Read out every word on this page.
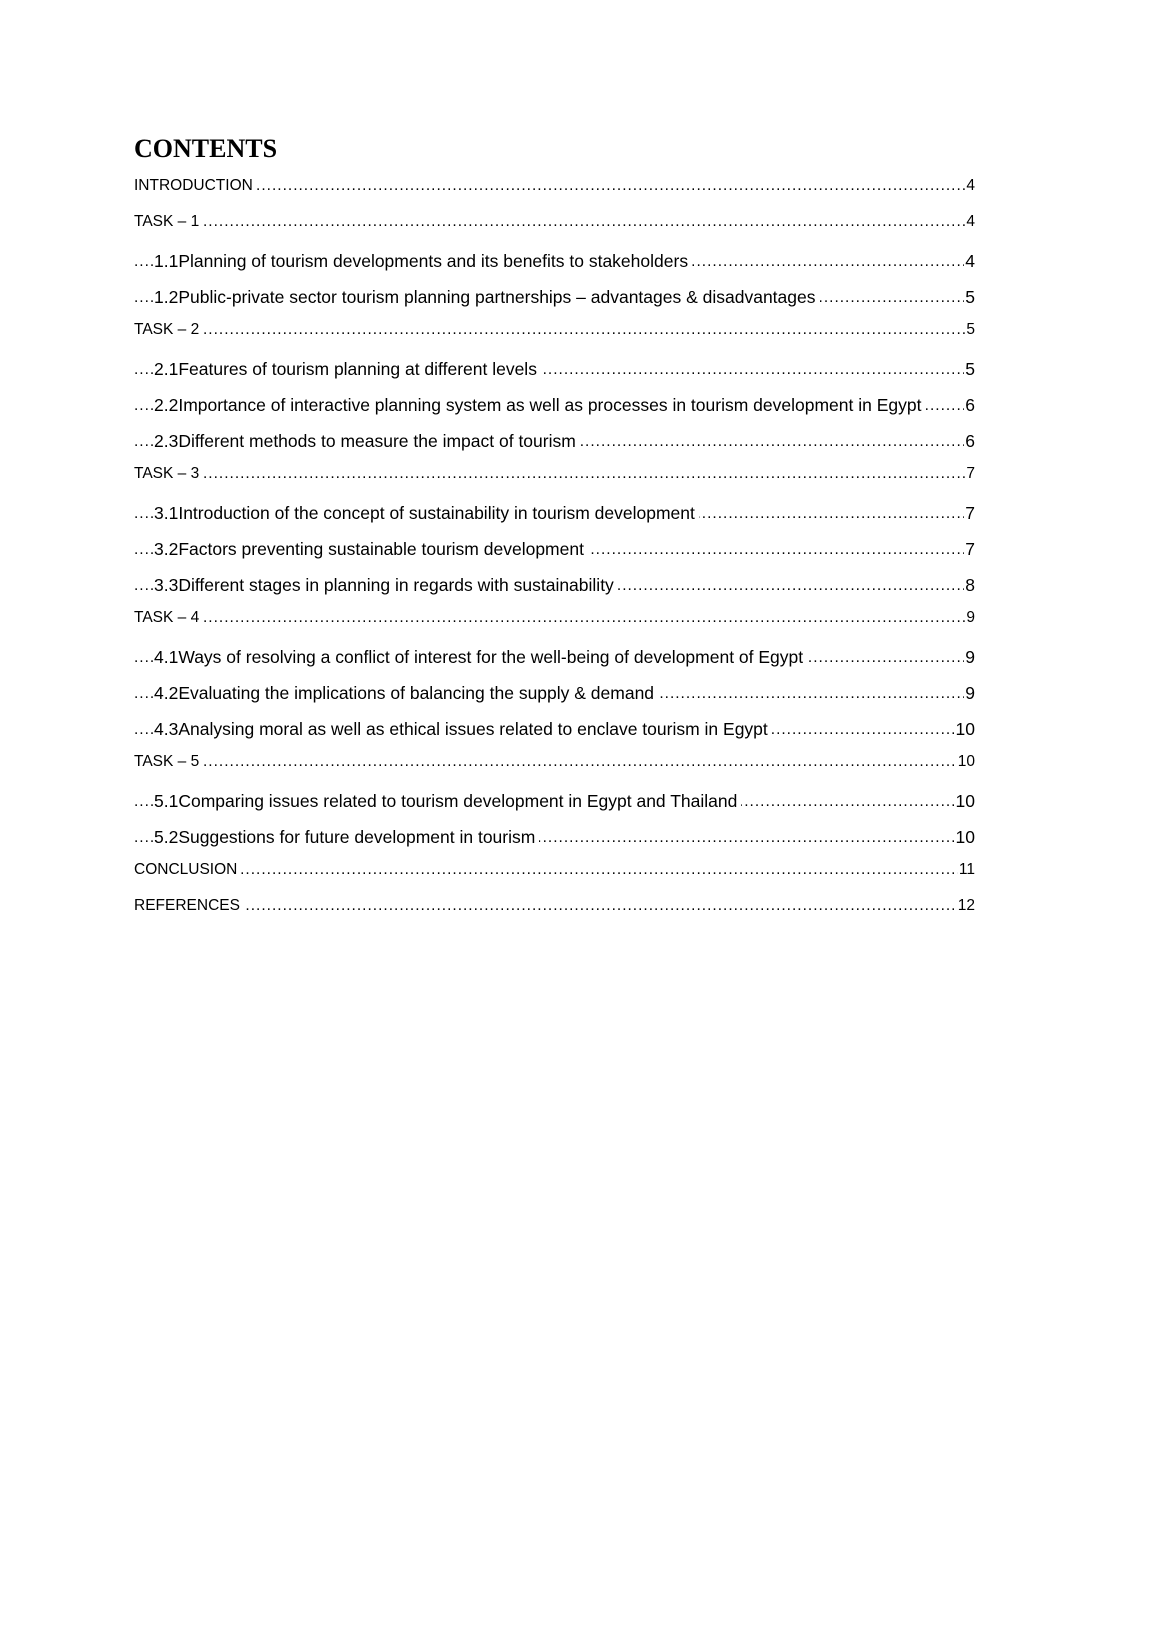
CONTENTS
INTRODUCTION	4
.....
TASK – 1	4
.....
1.1Planning of tourism developments and its benefits to stakeholders	4
.....
1.2Public-private sector tourism planning partnerships – advantages & disadvantages	5
.....
TASK – 2	5
.....
2.1Features of tourism planning at different levels	5
.....
2.2Importance of interactive planning system as well as processes in tourism development in Egypt	6
.....
2.3Different methods to measure the impact of tourism	6
.....
TASK – 3	7
.....
3.1Introduction of the concept of sustainability in tourism development	7
.....
3.2Factors preventing sustainable tourism development	7
.....
3.3Different stages in planning in regards with sustainability	8
.....
TASK – 4	9
.....
4.1Ways of resolving a conflict of interest for the well-being of development of Egypt	9
.....
4.2Evaluating the implications of balancing the supply & demand	9
.....
4.3Analysing moral as well as ethical issues related to enclave tourism in Egypt	10
.....
TASK – 5	10
.....
5.1Comparing issues related to tourism development in Egypt and Thailand	10
.....
5.2Suggestions for future development in tourism	10
.....
CONCLUSION	11
.....
REFERENCES	12
.....
